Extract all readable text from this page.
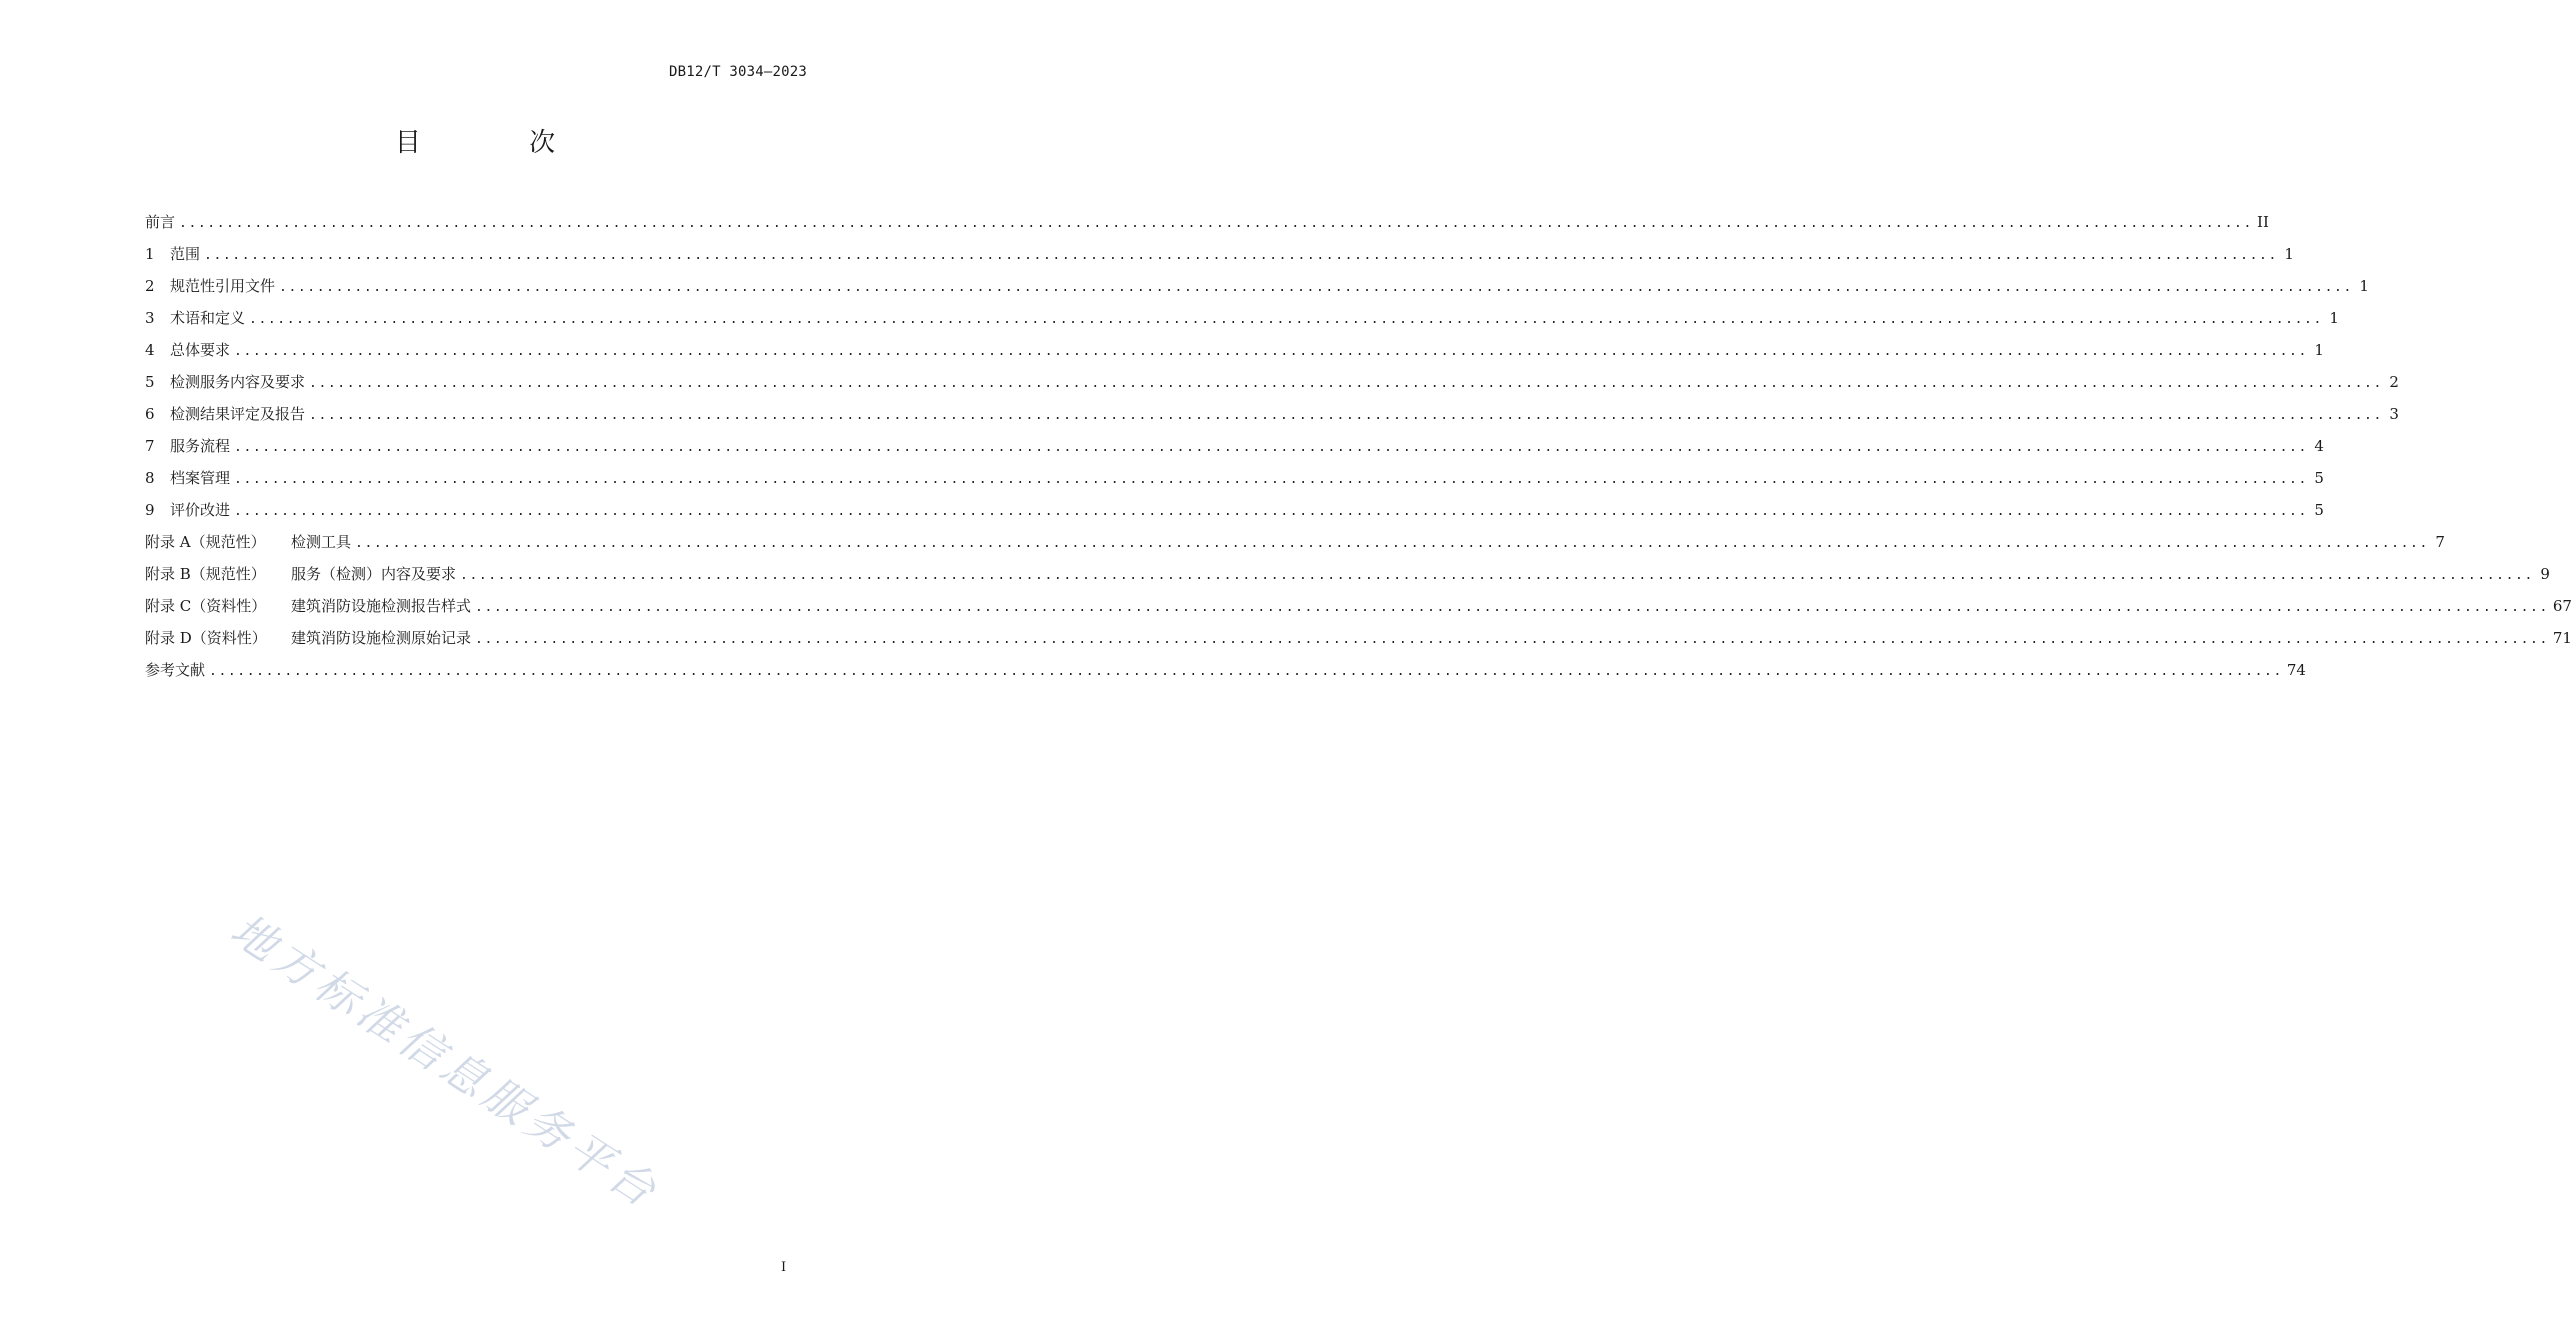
DB12/T 3034—2023
目 次
前言 ............................................................................................................................................................................................................................ II
1	范围 ............................................................................................................................................................................................................................ 1
2	规范性引用文件 ............................................................................................................................................................................................................................ 1
3	术语和定义 ............................................................................................................................................................................................................................ 1
4	总体要求 ............................................................................................................................................................................................................................ 1
5	检测服务内容及要求 ............................................................................................................................................................................................................................ 2
6	检测结果评定及报告 ............................................................................................................................................................................................................................ 3
7	服务流程 ............................................................................................................................................................................................................................ 4
8	档案管理 ............................................................................................................................................................................................................................ 5
9	评价改进 ............................................................................................................................................................................................................................ 5
附录 A（规范性）	检测工具 ............................................................................................................................................................................................................................ 7
附录 B（规范性）	服务（检测）内容及要求 ............................................................................................................................................................................................................................ 9
附录 C（资料性）	建筑消防设施检测报告样式 ............................................................................................................................................................................................................................ 67
附录 D（资料性）	建筑消防设施检测原始记录 ............................................................................................................................................................................................................................ 71
参考文献 ............................................................................................................................................................................................................................ 74
地方标准信息服务平台
I
